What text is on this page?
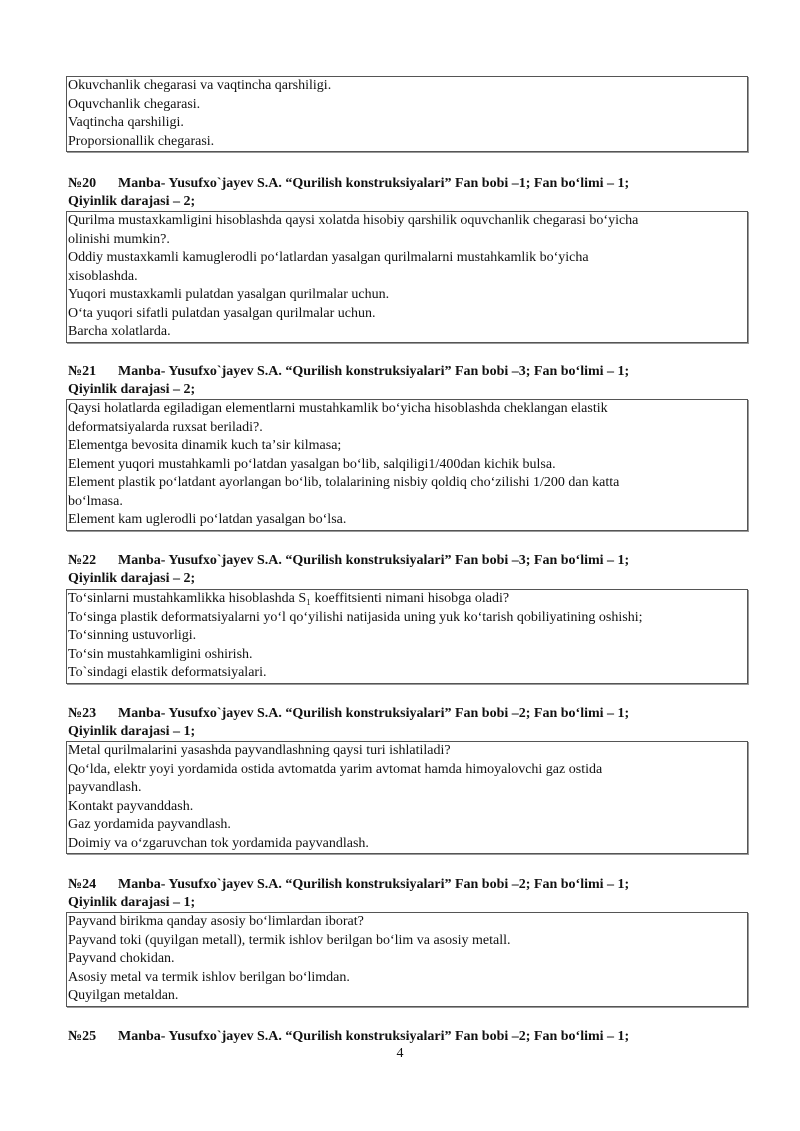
Okuvchanlik chegarasi va vaqtincha qarshiligi.

Oquvchanlik chegarasi.

Vaqtincha qarshiligi.

Proporsionallik chegarasi.

№20 Manba- Yusufxo`jayev S.A. “Qurilish konstruksiyalari” Fan bobi –1; Fan boʻlimi – 1;
Qiyinlik darajasi – 2;

Qurilma mustaxkamligini hisoblashda qaysi xolatda hisobiy qarshilik oquvchanlik chegarasi boʻyicha

olinishi mumkin?.

Oddiy mustaxkamli kamuglerodli poʻlatlardan yasalgan qurilmalarni mustahkamlik boʻyicha

xisoblashda.

Yuqori mustaxkamli pulatdan yasalgan qurilmalar uchun.

Oʻta yuqori sifatli pulatdan yasalgan qurilmalar uchun.

Barcha xolatlarda.

№21 Manba- Yusufxo`jayev S.A. “Qurilish konstruksiyalari” Fan bobi –3; Fan boʻlimi – 1;
Qiyinlik darajasi – 2;

Qaysi holatlarda egiladigan elementlarni mustahkamlik boʻyicha hisoblashda cheklangan elastik

deformatsiyalarda ruxsat beriladi?.

Elementga bevosita dinamik kuch taʼsir kilmasa;

Element yuqori mustahkamli poʻlatdan yasalgan boʻlib, salqiligi1/400dan kichik bulsa.

Element plastik poʻlatdant ayorlangan boʻlib, tolalarining nisbiy qoldiq choʻzilishi 1/200 dan katta

boʻlmasa.

Element kam uglerodli poʻlatdan yasalgan boʻlsa.

№22 Manba- Yusufxo`jayev S.A. “Qurilish konstruksiyalari” Fan bobi –3; Fan boʻlimi – 1;
Qiyinlik darajasi – 2;

Toʻsinlarni mustahkamlikka hisoblashda S₁ koeffitsienti nimani hisobga oladi?

Toʻsinga plastik deformatsiyalarni yoʻl qoʻyilishi natijasida uning yuk koʻtarish qobiliyatining oshishi;

Toʻsinning ustuvorligi.

Toʻsin mustahkamligini oshirish.

To`sindagi elastik deformatsiyalari.

№23 Manba- Yusufxo`jayev S.A. “Qurilish konstruksiyalari” Fan bobi –2; Fan boʻlimi – 1;
Qiyinlik darajasi – 1;

Metal qurilmalarini yasashda payvandlashning qaysi turi ishlatiladi?

Qoʻlda, elektr yoyi yordamida ostida avtomatda yarim avtomat hamda himoyalovchi gaz ostida

payvandlash.

Kontakt payvanddash.

Gaz yordamida payvandlash.

Doimiy va oʻzgaruvchan tok yordamida payvandlash.

№24 Manba- Yusufxo`jayev S.A. “Qurilish konstruksiyalari” Fan bobi –2; Fan boʻlimi – 1;
Qiyinlik darajasi – 1;

Payvand birikma qanday asosiy boʻlimlardan iborat?

Payvand toki (quyilgan metall), termik ishlov berilgan boʻlim va asosiy metall.

Payvand chokidan.

Asosiy metal va termik ishlov berilgan boʻlimdan.

Quyilgan metaldan.

№25 Manba- Yusufxo`jayev S.A. “Qurilish konstruksiyalari” Fan bobi –2; Fan boʻlimi – 1;
4
